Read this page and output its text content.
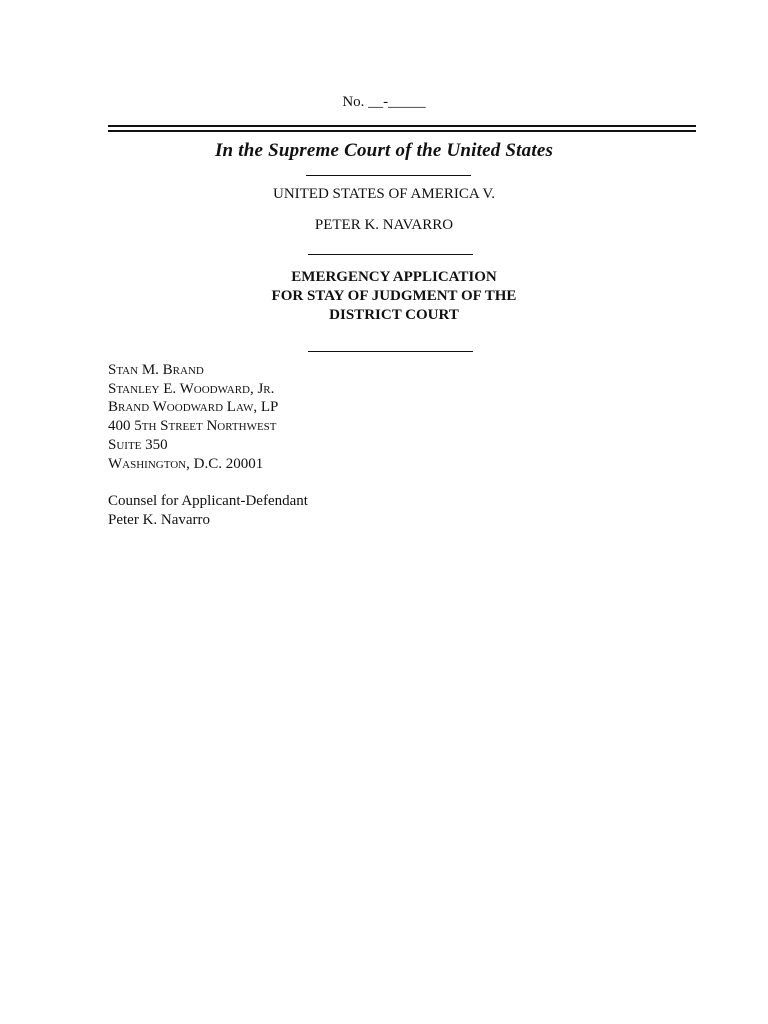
No. __-_____
In the Supreme Court of the United States
UNITED STATES OF AMERICA V.
PETER K. NAVARRO
EMERGENCY APPLICATION
FOR STAY OF JUDGMENT OF THE
DISTRICT COURT
Stan M. Brand
Stanley E. Woodward, Jr.
Brand Woodward Law, LP
400 5th Street Northwest
Suite 350
Washington, D.C. 20001
Counsel for Applicant-Defendant
Peter K. Navarro
